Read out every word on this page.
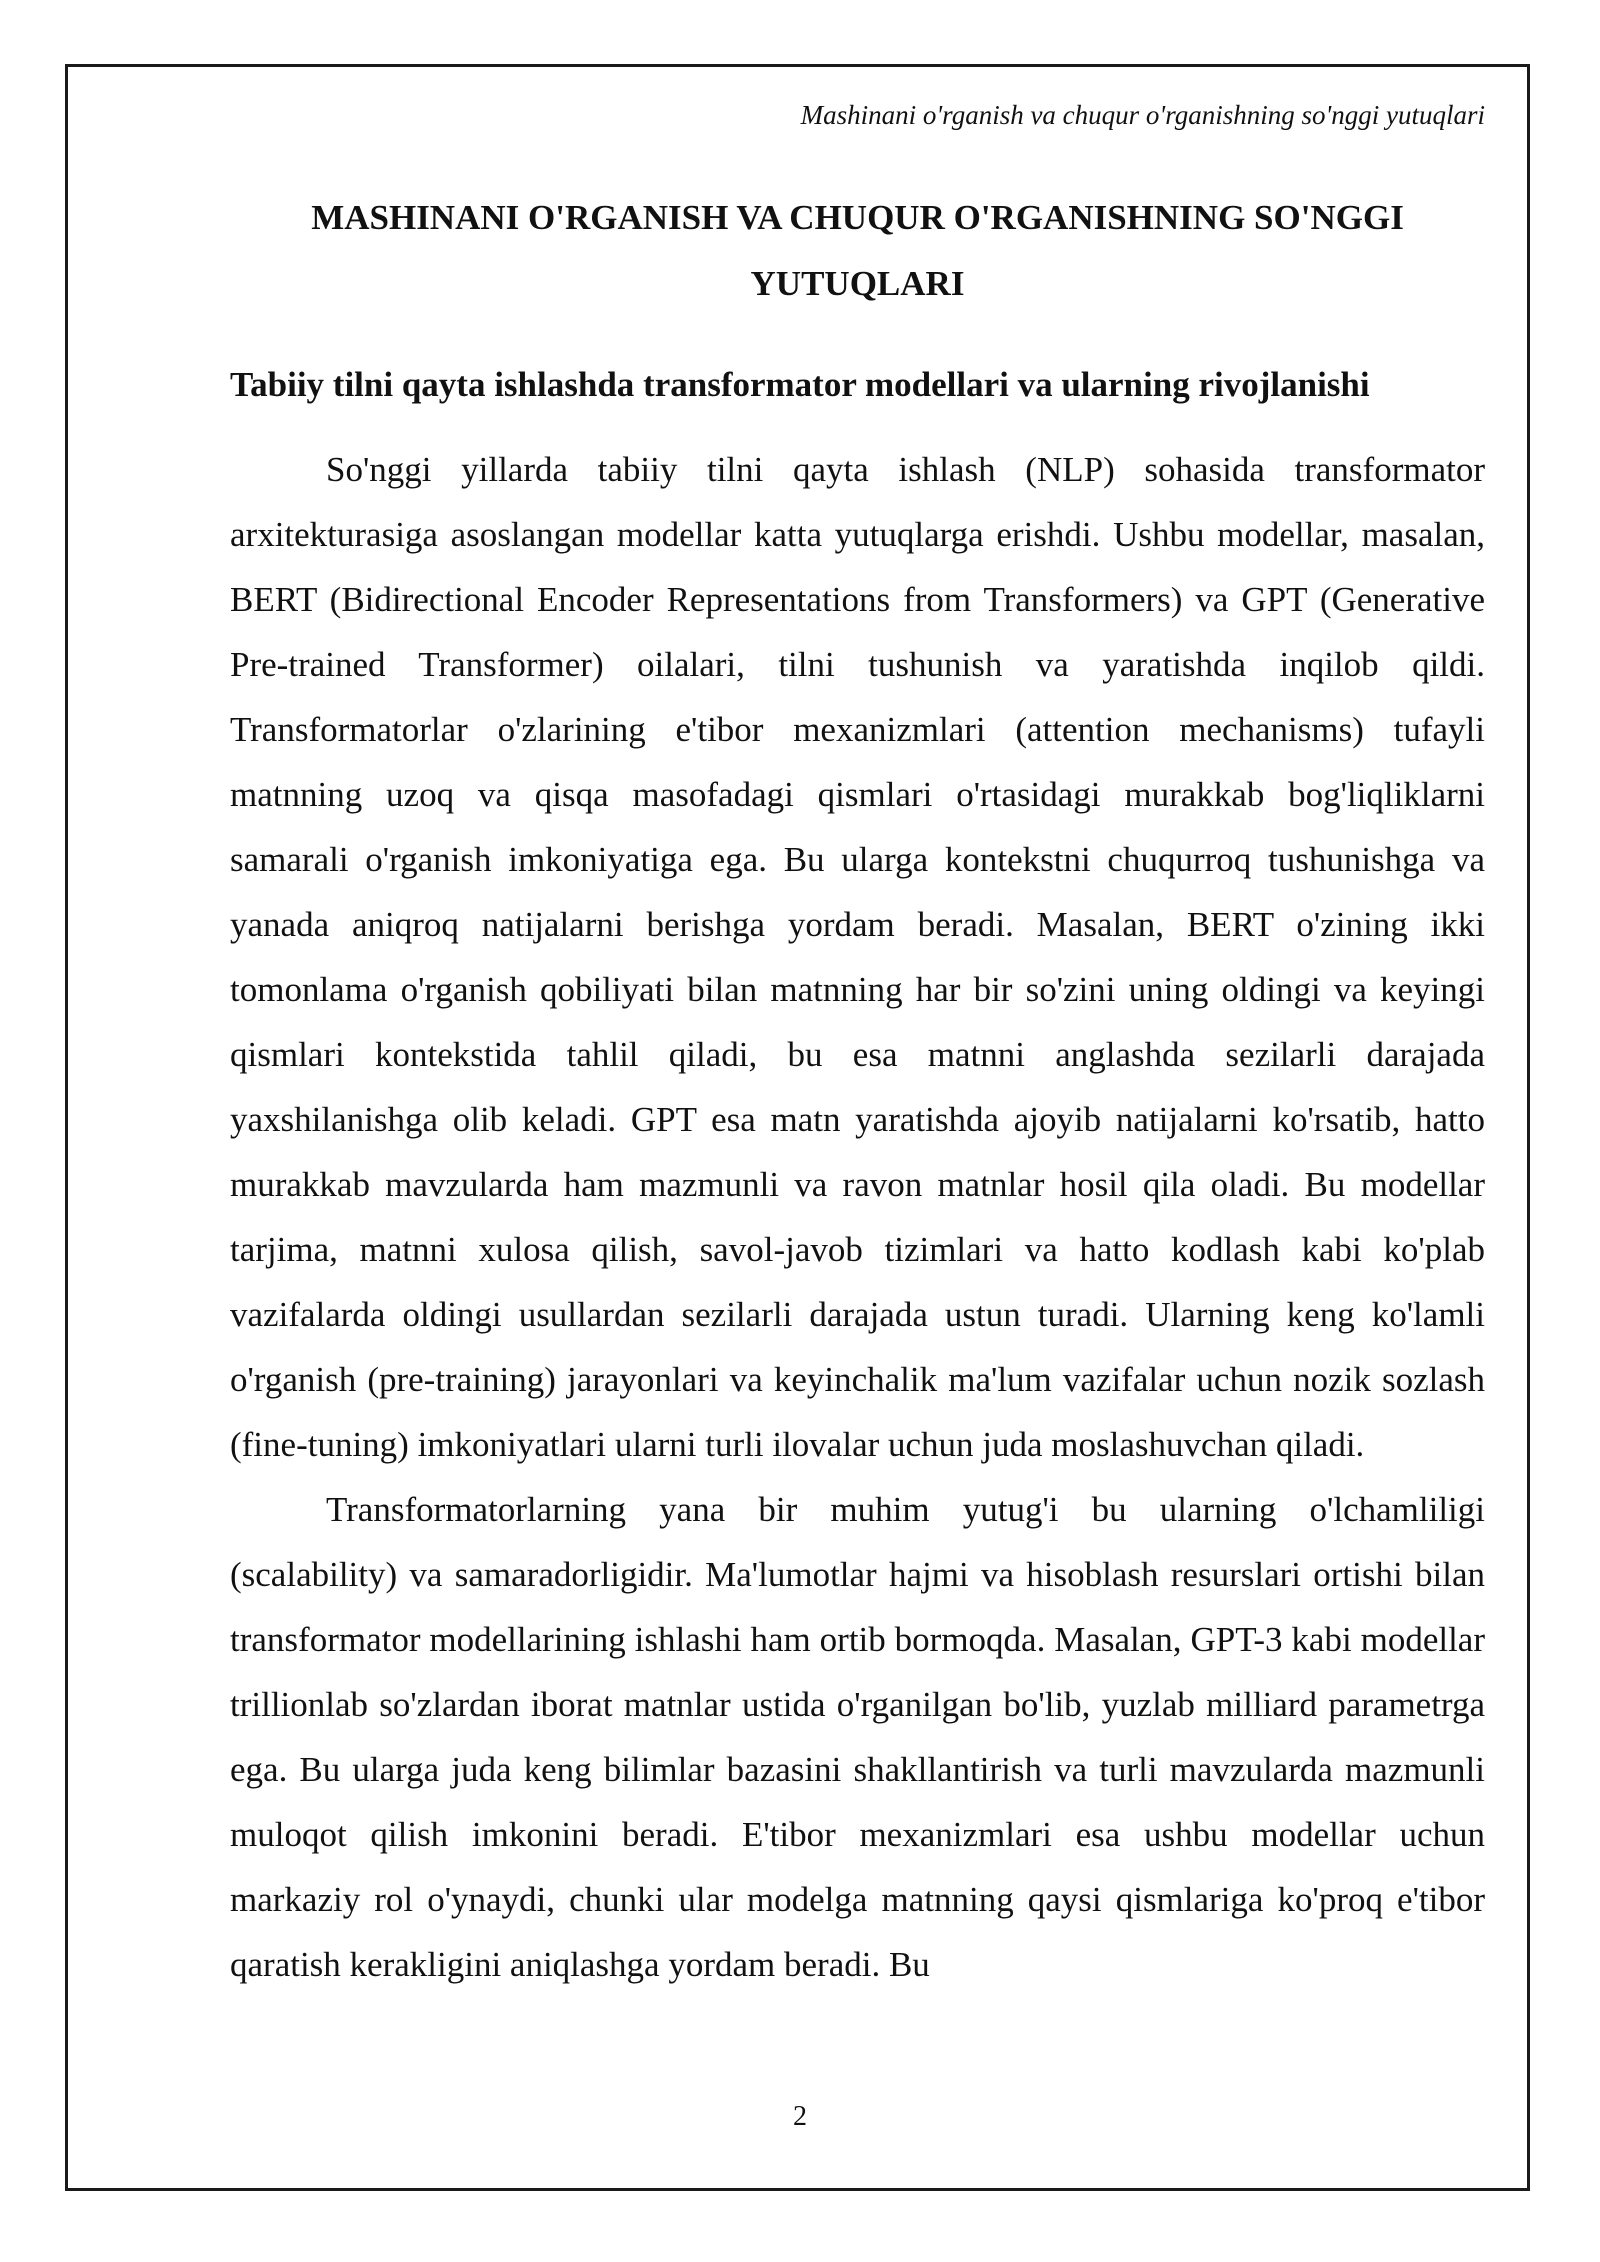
Mashinani o'rganish va chuqur o'rganishning so'nggi yutuqlari
MASHINANI O'RGANISH VA CHUQUR O'RGANISHNING SO'NGGI YUTUQLARI
Tabiiy tilni qayta ishlashda transformator modellari va ularning rivojlanishi

So'nggi yillarda tabiiy tilni qayta ishlash (NLP) sohasida transformator arxitekturasiga asoslangan modellar katta yutuqlarga erishdi. Ushbu modellar, masalan, BERT (Bidirectional Encoder Representations from Transformers) va GPT (Generative Pre-trained Transformer) oilalari, tilni tushunish va yaratishda inqilob qildi. Transformatorlar o'zlarining e'tibor mexanizmlari (attention mechanisms) tufayli matnning uzoq va qisqa masofadagi qismlari o'rtasidagi murakkab bog'liqliklarni samarali o'rganish imkoniyatiga ega. Bu ularga kontekstni chuqurroq tushunishga va yanada aniqroq natijalarni berishga yordam beradi. Masalan, BERT o'zining ikki tomonlama o'rganish qobiliyati bilan matnning har bir so'zini uning oldingi va keyingi qismlari kontekstida tahlil qiladi, bu esa matnni anglashda sezilarli darajada yaxshilanishga olib keladi. GPT esa matn yaratishda ajoyib natijalarni ko'rsatib, hatto murakkab mavzularda ham mazmunli va ravon matnlar hosil qila oladi. Bu modellar tarjima, matnni xulosa qilish, savol-javob tizimlari va hatto kodlash kabi ko'plab vazifalarda oldingi usullardan sezilarli darajada ustun turadi. Ularning keng ko'lamli o'rganish (pre-training) jarayonlari va keyinchalik ma'lum vazifalar uchun nozik sozlash (fine-tuning) imkoniyatlari ularni turli ilovalar uchun juda moslashuvchan qiladi.

Transformatorlarning yana bir muhim yutug'i bu ularning o'lchamliligi (scalability) va samaradorligidir. Ma'lumotlar hajmi va hisoblash resurslari ortishi bilan transformator modellarining ishlashi ham ortib bormoqda. Masalan, GPT-3 kabi modellar trillionlab so'zlardan iborat matnlar ustida o'rganilgan bo'lib, yuzlab milliard parametrga ega. Bu ularga juda keng bilimlar bazasini shakllantirish va turli mavzularda mazmunli muloqot qilish imkonini beradi. E'tibor mexanizmlari esa ushbu modellar uchun markaziy rol o'ynaydi, chunki ular modelga matnning qaysi qismlariga ko'proq e'tibor qaratish kerakligini aniqlashga yordam beradi. Bu

2
